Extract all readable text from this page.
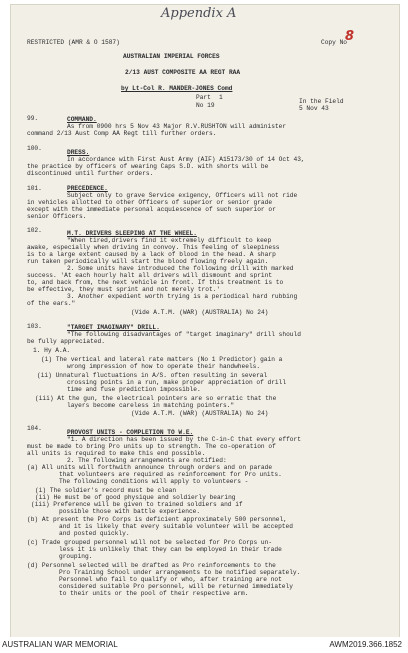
Appendix A
8
RESTRICTED (AMR & O 1587)	Copy No
AUSTRALIAN IMPERIAL FORCES
2/13 AUST COMPOSITE AA REGT RAA
by Lt-Col R. MANDER-JONES Comd
Part 1
No 19
In the Field
5 Nov 43
99.	COMMAND.
As from 0900 hrs 5 Nov 43 Major R.V.RUSHTON will administer
command 2/13 Aust Comp AA Regt till further orders.
100.
DRESS.
In accordance with First Aust Army (AIF) A15173/30 of 14 Oct 43,
the practice by officers of wearing Caps S.D. with shorts will be
discontinued until further orders.
101.	PRECEDENCE.
Subject only to grave Service exigency, Officers will not ride
in vehicles allotted to other Officers of superior or senior grade
except with the immediate personal acquiescence of such superior or
senior Officers.
102.	M.T. DRIVERS SLEEPING AT THE WHEEL.
"When tired,drivers find it extremely difficult to keep
awake, especially when driving in convoy. This feeling of sleepiness
is to a large extent caused by a lack of blood in the head. A sharp
run taken periodically will start the blood flowing freely again.
2. Some units have introduced the following drill with marked
success. 'At each hourly halt all drivers will dismount and sprint
to, and back from, the next vehicle in front. If this treatment is to
be effective, they must sprint and not merely trot.'
3. Another expedient worth trying is a periodical hard rubbing
of the ears."
(Vide A.T.M. (WAR) (AUSTRALIA) No 24)
103.	"TARGET IMAGINARY" DRILL.
"The following disadvantages of "target imaginary" drill should
be fully appreciated.
1. Hy A.A.
(i) The vertical and lateral rate matters (No 1 Predictor) gain a
wrong impression of how to operate their handwheels.
(ii) Unnatural fluctuations in A/S. often resulting in several
crossing points in a run, make proper appreciation of drill
time and fuse prediction impossible.
(iii) At the gun, the electrical pointers are so erratic that the
layers become careless in matching pointers."
(Vide A.T.M. (WAR) (AUSTRALIA) No 24)
104.
PROVOST UNITS - COMPLETION TO W.E.
"1. A direction has been issued by the C-in-C that every effort
must be made to bring Pro units up to strength. The co-operation of
all units is required to make this end possible.
2. The following arrangements are notified:
(a) All units will forthwith announce through orders and on parade
that volunteers are required as reinforcement for Pro units.
The following conditions will apply to volunteers -
(i) The soldier's record must be clean
(ii) He must be of good physique and soldierly bearing
(iii) Preference will be given to trained soldiers and if
possible those with battle experience.
(b) At present the Pro Corps is deficient approximately 500 personnel,
and it is likely that every suitable volunteer will be accepted
and posted quickly.
(c) Trade grouped personnel will not be selected for Pro Corps un-
less it is unlikely that they can be employed in their trade
grouping.
(d) Personnel selected will be drafted as Pro reinforcements to the
Pro Training School under arrangements to be notified separately.
Personnel who fail to qualify or who, after training are not
considered suitable Pro personnel, will be returned immediately
to their units or the pool of their respective arm.
AUSTRALIAN WAR MEMORIAL	AWM2019.366.1852
